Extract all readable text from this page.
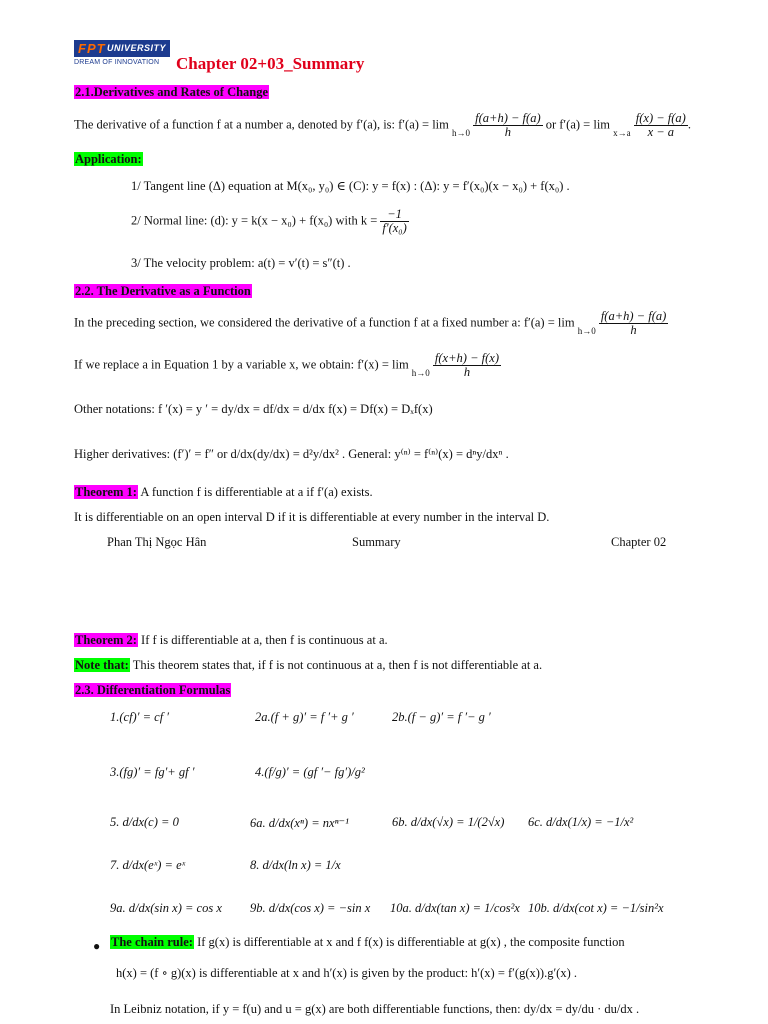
FPT UNIVERSITY
DREAM OF INNOVATION Chapter 02+03_Summary
2.1.Derivatives and Rates of Change
The derivative of a function f at a number a, denoted by f′(a), is: $f'(a) = \lim h\to 0 \frac{f(a+h) - f(a)}{h}$ or $f'(a) = \lim x\to a \frac{f(x) - f(a)}{x - a}$ .
Application:
1/ Tangent line (Δ) equation at M(x₀, y₀) ∈ (C): y = f(x) : (Δ): y = f′(x₀)(x − x₀) + f(x₀) .
2/ Normal line: (d): y = k(x − x₀) + f(x₀) with $k = \frac{-1}{\text{f′(x₀)}}$
3/ The velocity problem: a(t) = v′(t) = s″(t) .
2.2. The Derivative as a Function
In the preceding section, we considered the derivative of a function f at a fixed number a: $f'(a) = \lim h\to 0 \frac{f(a+h) - f(a)}{h}$
If we replace a in Equation 1 by a variable x, we obtain: $f'(x) = \lim h\to 0 \frac{f(x+h) - f(x)}{h}$
Other notations: f ′(x) = y ′ = dy/dx = df/dx = d/dx f(x) = Df(x) = Dₓf(x)
Higher derivatives: (f′)′ = f″ or d/dx(dy/dx) = d²y/dx² . General: y⁽ⁿ⁾ = f⁽ⁿ⁾(x) = dⁿy/dxⁿ .
Theorem 1: A function f is differentiable at a if f′(a) exists.
It is differentiable on an open interval D if it is differentiable at every number in the interval D.
Phan Thị Ngọc Hân	Summary	Chapter 02
Theorem 2: If f is differentiable at a, then f is continuous at a.
Note that: This theorem states that, if f is not continuous at a, then f is not differentiable at a.
2.3. Differentiation Formulas
1.(cf)′ = cf ′	2a.(f + g)′ = f ′+ g ′	2b.(f − g)′ = f ′− g ′
3.(fg)′ = fg′+ gf ′	4.(f/g)′ = (gf ′− fg′)/g²
5. d/dx(c) = 0	6a. d/dx(xⁿ) = nxⁿ⁻¹	6b. d/dx(√x) = 1/(2√x) 6c. d/dx(1/x) = −1/x²
7. d/dx(eˣ) = eˣ	8. d/dx(ln x) = 1/x
9a. d/dx(sin x) = cos x 9b. d/dx(cos x) = −sin x 10a. d/dx(tan x) = 1/cos²x 10b. d/dx(cot x) = −1/sin²x
● The chain rule: If g(x) is differentiable at x and f f(x) is differentiable at g(x) , the composite function
h(x) = (f ∘ g)(x) is differentiable at x and h′(x) is given by the product: h′(x) = f′(g(x)).g′(x) .
In Leibniz notation, if y = f(u) and u = g(x) are both differentiable functions, then: dy/dx = dy/du · du/dx .
